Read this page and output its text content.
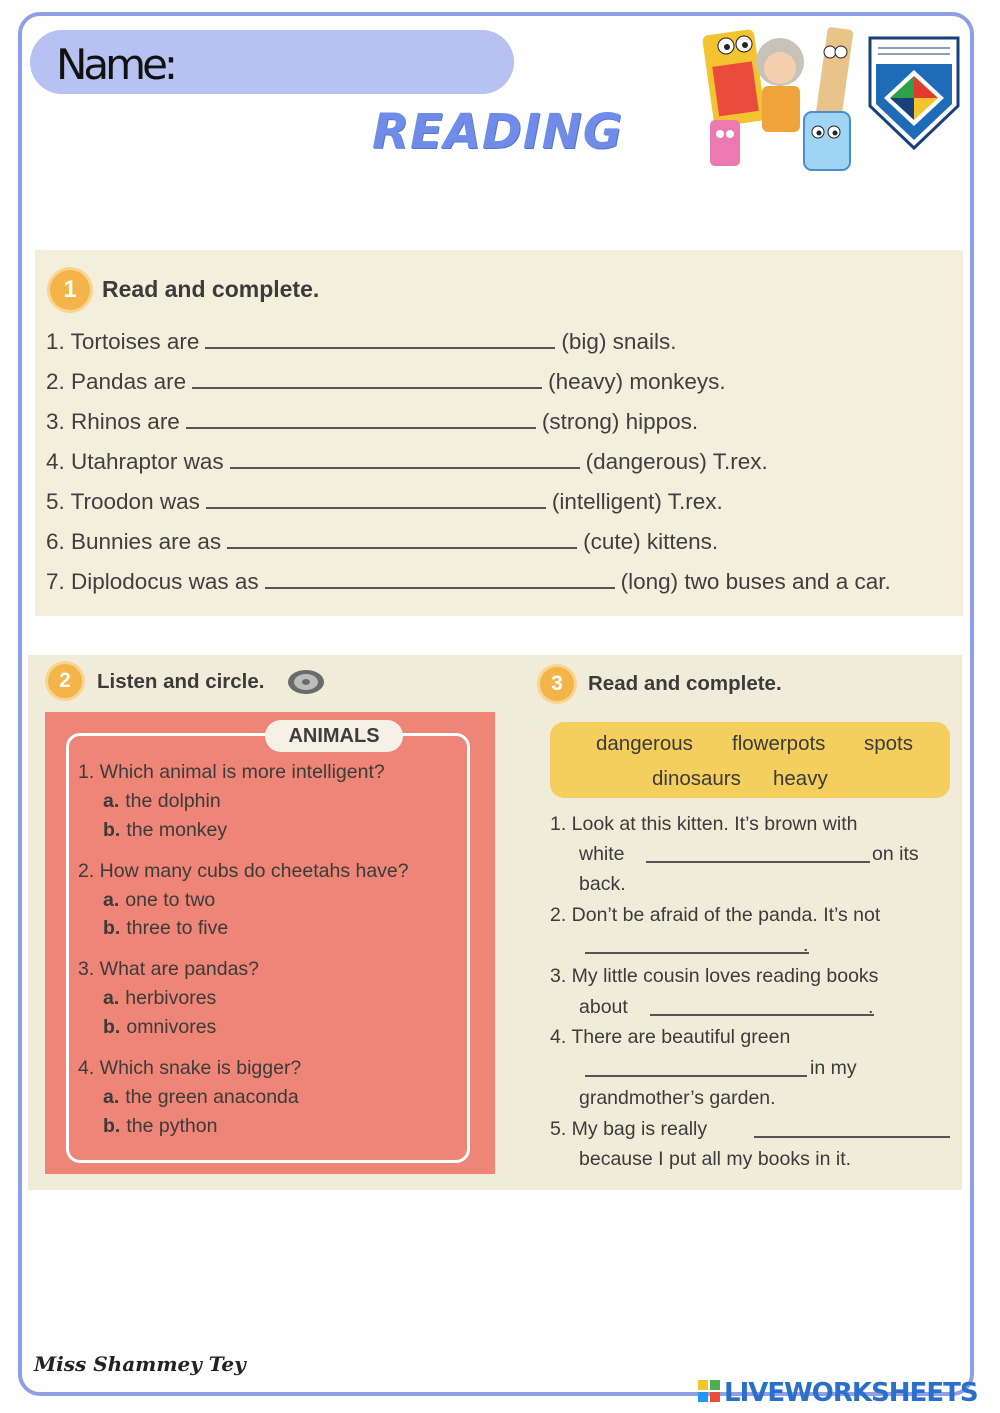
Name:
READING
1	Read and complete.
1. Tortoises are	(big) snails.
2. Pandas are	(heavy) monkeys.
3. Rhinos are	(strong) hippos.
4. Utahraptor was	(dangerous) T.rex.
5. Troodon was	(intelligent) T.rex.
6. Bunnies are as	(cute) kittens.
7. Diplodocus was as	(long) two buses and a car.
2	Listen and circle.
ANIMALS
1. Which animal is more intelligent?
a. the dolphin
b. the monkey
2. How many cubs do cheetahs have?
a. one to two
b. three to five
3. What are pandas?
a. herbivores
b. omnivores
4. Which snake is bigger?
a. the green anaconda
b. the python
3	Read and complete.
dangerous flowerpots spots
dinosaurs heavy
1. Look at this kitten. It’s brown with
white	on its
back.
2. Don’t be afraid of the panda. It’s not
.
3. My little cousin loves reading books
about	.
4. There are beautiful green
in my
grandmother’s garden.
5. My bag is really
because I put all my books in it.
Miss Shammey Tey
LIVEWORKSHEETS
